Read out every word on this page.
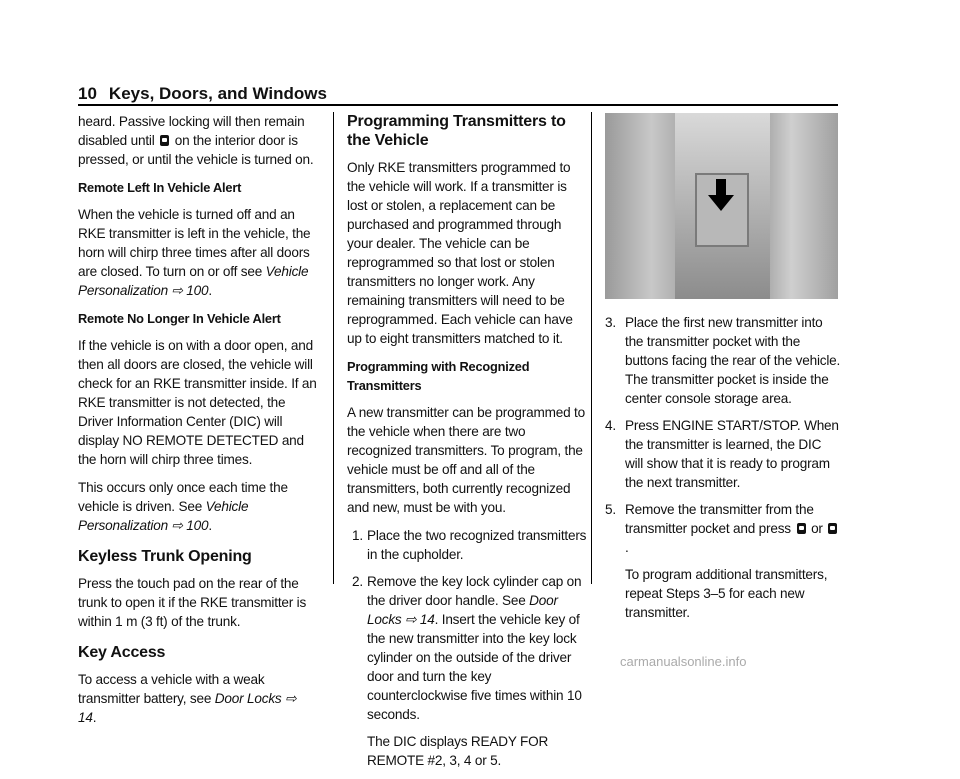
10 Keys, Doors, and Windows

heard. Passive locking will then remain disabled until  on the interior door is pressed, or until the vehicle is turned on.

Remote Left In Vehicle Alert

When the vehicle is turned off and an RKE transmitter is left in the vehicle, the horn will chirp three times after all doors are closed. To turn on or off see Vehicle Personalization ⇨ 100.

Remote No Longer In Vehicle Alert

If the vehicle is on with a door open, and then all doors are closed, the vehicle will check for an RKE transmitter inside. If an RKE transmitter is not detected, the Driver Information Center (DIC) will display NO REMOTE DETECTED and the horn will chirp three times.

This occurs only once each time the vehicle is driven. See Vehicle Personalization ⇨ 100.

Keyless Trunk Opening

Press the touch pad on the rear of the trunk to open it if the RKE transmitter is within 1 m (3 ft) of the trunk.

Key Access

To access a vehicle with a weak transmitter battery, see Door Locks ⇨ 14.

Programming Transmitters to the Vehicle

Only RKE transmitters programmed to the vehicle will work. If a transmitter is lost or stolen, a replacement can be purchased and programmed through your dealer. The vehicle can be reprogrammed so that lost or stolen transmitters no longer work. Any remaining transmitters will need to be reprogrammed. Each vehicle can have up to eight transmitters matched to it.

Programming with Recognized Transmitters

A new transmitter can be programmed to the vehicle when there are two recognized transmitters. To program, the vehicle must be off and all of the transmitters, both currently recognized and new, must be with you.

1. Place the two recognized transmitters in the cupholder.
2. Remove the key lock cylinder cap on the driver door handle. See Door Locks ⇨ 14. Insert the vehicle key of the new transmitter into the key lock cylinder on the outside of the driver door and turn the key counterclockwise five times within 10 seconds.

The DIC displays READY FOR REMOTE #2, 3, 4 or 5.

3. Place the first new transmitter into the transmitter pocket with the buttons facing the rear of the vehicle. The transmitter pocket is inside the center console storage area.
4. Press ENGINE START/STOP. When the transmitter is learned, the DIC will show that it is ready to program the next transmitter.
5. Remove the transmitter from the transmitter pocket and press  or .

To program additional transmitters, repeat Steps 3–5 for each new transmitter.

carmanualsonline.info
